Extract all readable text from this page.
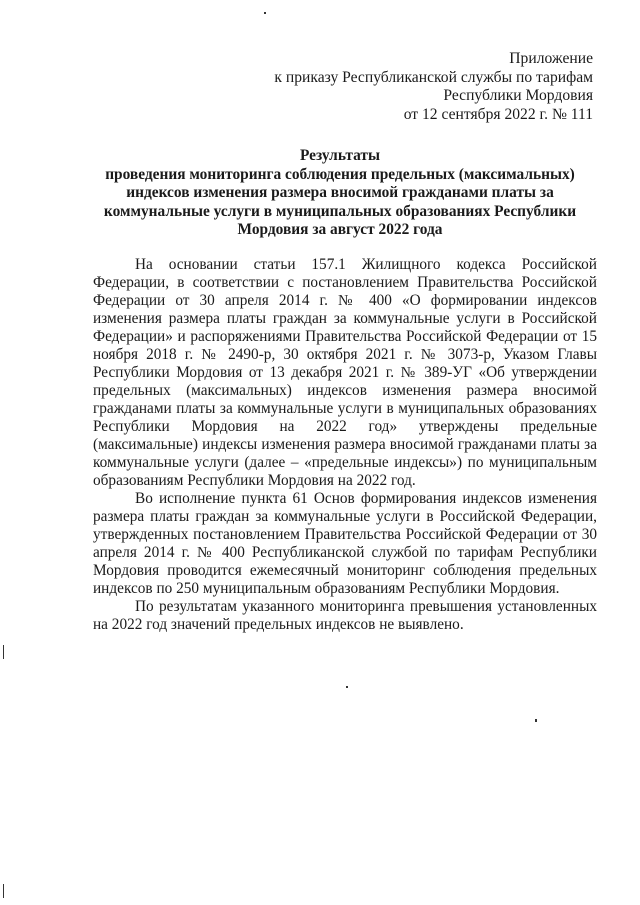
Приложение
к приказу Республиканской службы по тарифам
Республики Мордовия
от 12 сентября 2022 г. № 111
Результаты
проведения мониторинга соблюдения предельных (максимальных)
индексов изменения размера вносимой гражданами платы за
коммунальные услуги в муниципальных образованиях Республики
Мордовия за август 2022 года

На основании статьи 157.1 Жилищного кодекса Российской Федерации, в соответствии с постановлением Правительства Российской Федерации от 30 апреля 2014 г. № 400 «О формировании индексов изменения размера платы граждан за коммунальные услуги в Российской Федерации» и распоряжениями Правительства Российской Федерации от 15 ноября 2018 г. № 2490-р, 30 октября 2021 г. № 3073-р, Указом Главы Республики Мордовия от 13 декабря 2021 г. № 389-УГ «Об утверждении предельных (максимальных) индексов изменения размера вносимой гражданами платы за коммунальные услуги в муниципальных образованиях Республики Мордовия на 2022 год» утверждены предельные (максимальные) индексы изменения размера вносимой гражданами платы за коммунальные услуги (далее – «предельные индексы») по муниципальным образованиям Республики Мордовия на 2022 год.

Во исполнение пункта 61 Основ формирования индексов изменения размера платы граждан за коммунальные услуги в Российской Федерации, утвержденных постановлением Правительства Российской Федерации от 30 апреля 2014 г. № 400 Республиканской службой по тарифам Республики Мордовия проводится ежемесячный мониторинг соблюдения предельных индексов по 250 муниципальным образованиям Республики Мордовия.

По результатам указанного мониторинга превышения установленных на 2022 год значений предельных индексов не выявлено.
